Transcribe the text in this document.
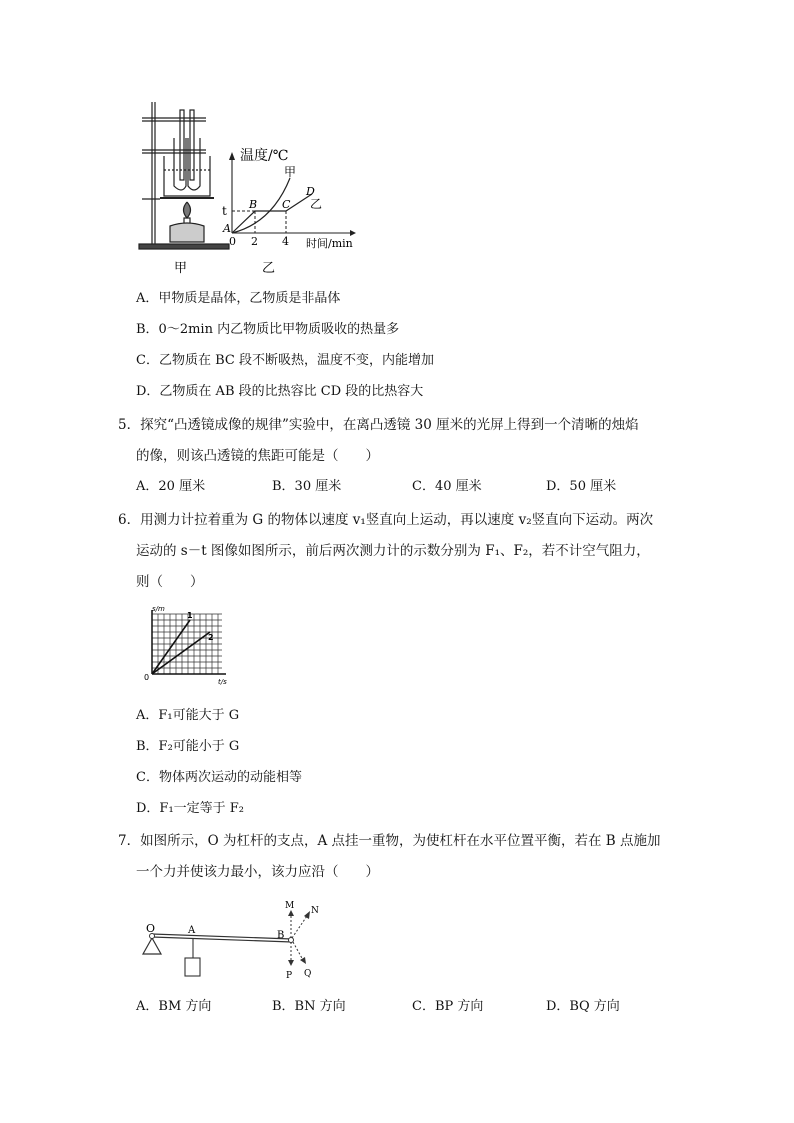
甲
温度/℃
时间/min
0 2 4
t
A
B C
D
甲
乙
乙
A．甲物质是晶体，乙物质是非晶体
B．0～2min 内乙物质比甲物质吸收的热量多
C．乙物质在 BC 段不断吸热，温度不变，内能增加
D．乙物质在 AB 段的比热容比 CD 段的比热容大
5．探究“凸透镜成像的规律”实验中，在离凸透镜 30 厘米的光屏上得到一个清晰的烛焰
的像，则该凸透镜的焦距可能是（　　）
A．20 厘米	B．30 厘米	C．40 厘米	D．50 厘米
6．用测力计拉着重为 G 的物体以速度 v₁竖直向上运动，再以速度 v₂竖直向下运动。两次
运动的 s－t 图像如图所示，前后两次测力计的示数分别为 F₁、F₂，若不计空气阻力，
则（　　）
s/m
t/s
0
1
2
A．F₁可能大于 G
B．F₂可能小于 G
C．物体两次运动的动能相等
D．F₁一定等于 F₂
7．如图所示，O 为杠杆的支点，A 点挂一重物，为使杠杆在水平位置平衡，若在 B 点施加
一个力并使该力最小，该力应沿（　　）
O	A	B
M N
P Q
A．BM 方向	B．BN 方向	C．BP 方向	D．BQ 方向
